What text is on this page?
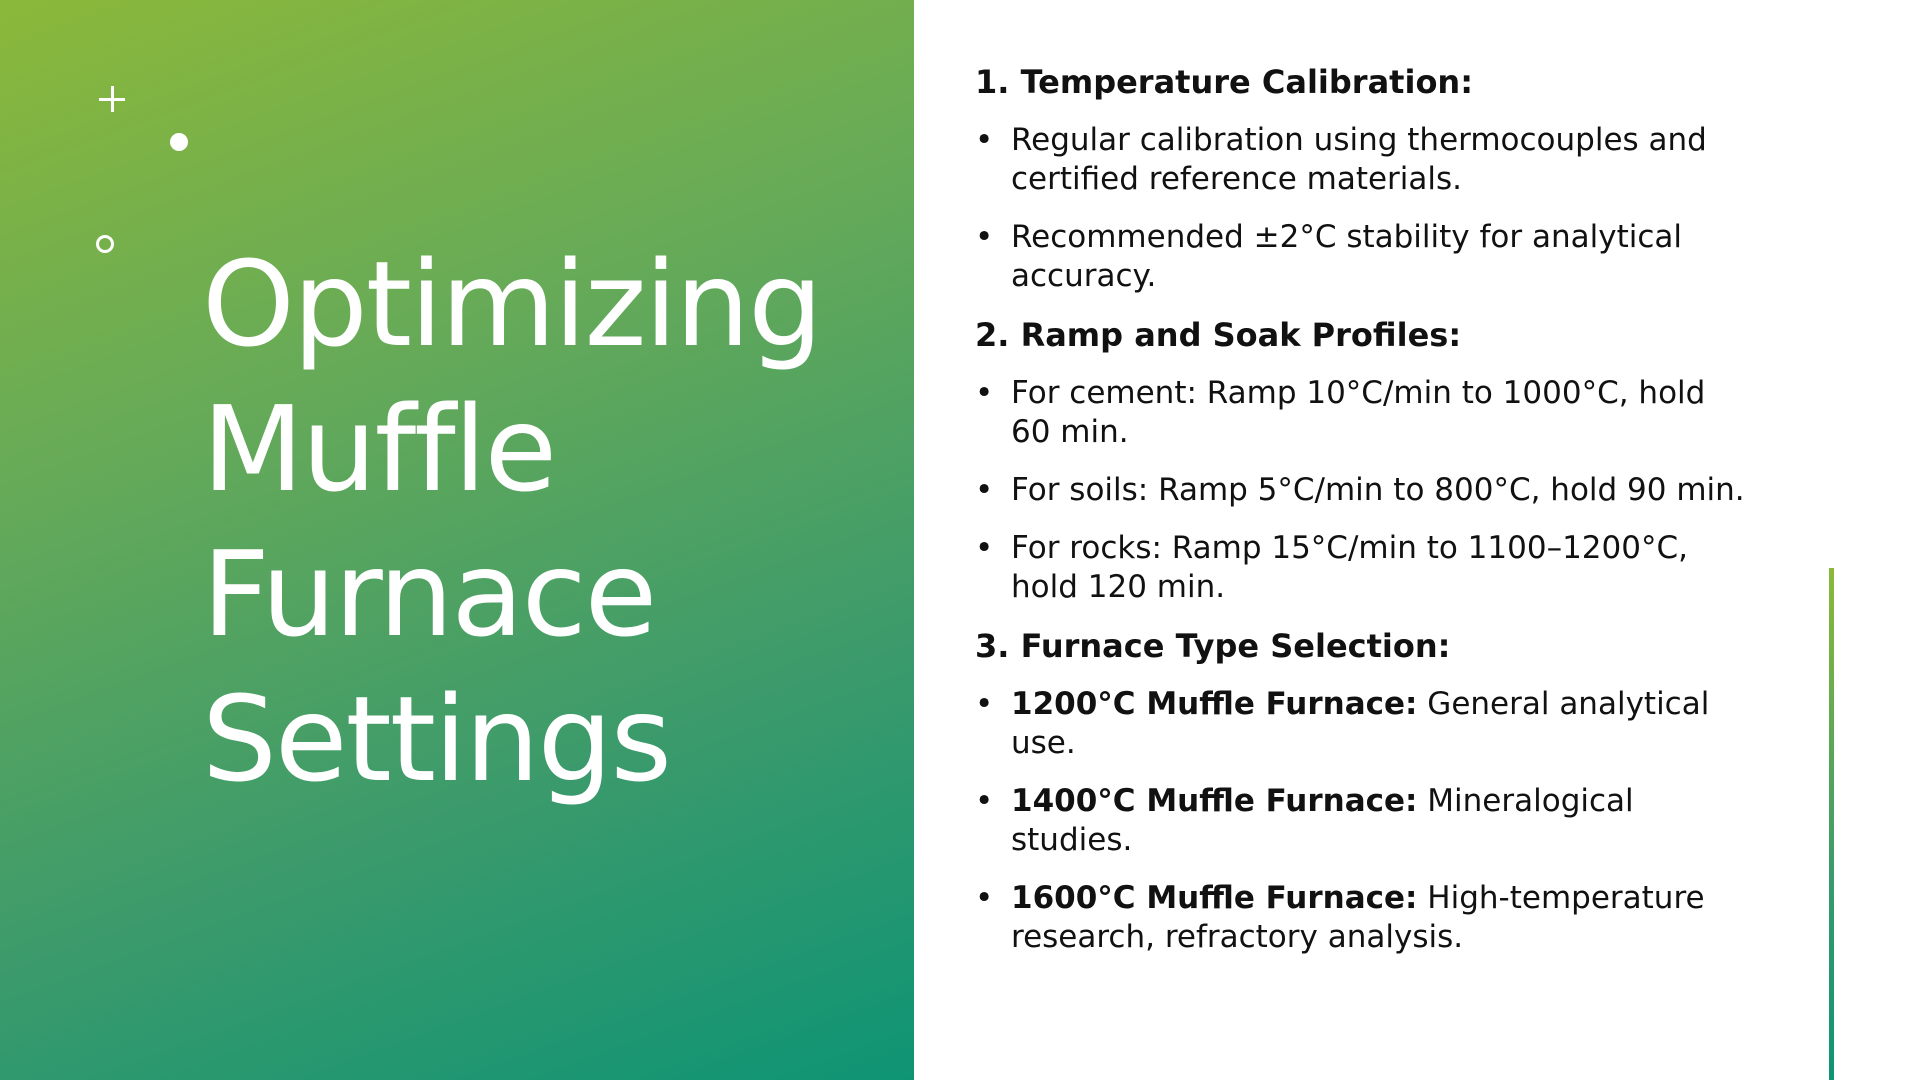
Optimizing
Muffle
Furnace
Settings

1. Temperature Calibration:

• Regular calibration using thermocouples and certified reference materials.
• Recommended ±2°C stability for analytical accuracy.

2. Ramp and Soak Profiles:

• For cement: Ramp 10°C/min to 1000°C, hold 60 min.
• For soils: Ramp 5°C/min to 800°C, hold 90 min.
• For rocks: Ramp 15°C/min to 1100–1200°C, hold 120 min.

3. Furnace Type Selection:

• 1200°C Muffle Furnace: General analytical use.
• 1400°C Muffle Furnace: Mineralogical studies.
• 1600°C Muffle Furnace: High-temperature research, refractory analysis.
